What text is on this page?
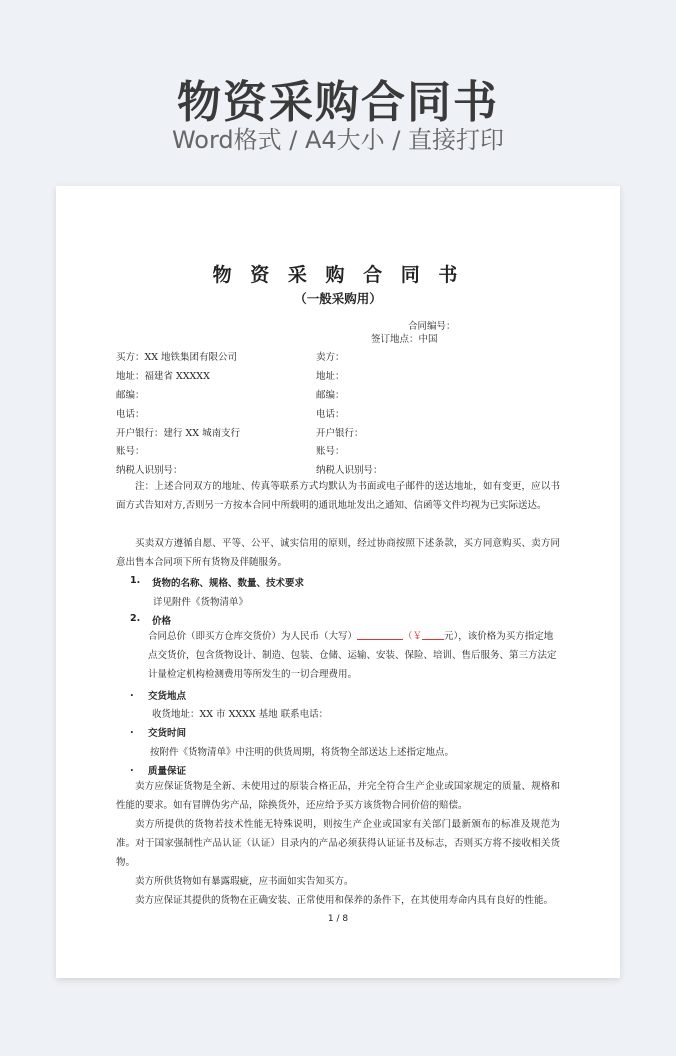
物资采购合同书
Word格式 / A4大小 / 直接打印
物 资 采 购 合 同 书
（一般采购用）
合同编号：
签订地点：中国
买方：XX 地铁集团有限公司	卖方：
地址：福建省 XXXXX	地址：
邮编：	邮编：
电话：	电话：
开户银行：建行 XX 城南支行	开户银行：
账号：	账号：
纳税人识别号：	纳税人识别号：
注：上述合同双方的地址、传真等联系方式均默认为书面或电子邮件的送达地址，如有变更，应以书面方式告知对方,否则另一方按本合同中所载明的通讯地址发出之通知、信函等文件均视为已实际送达。
买卖双方遵循自愿、平等、公平、诚实信用的原则，经过协商按照下述条款，买方同意购买、卖方同意出售本合同项下所有货物及伴随服务。
1. 货物的名称、规格、数量、技术要求
详见附件《货物清单》
2. 价格
合同总价（即买方仓库交货价）为人民币（大写）	（￥ 元），该价格为买方指定地点交货价，包含货物设计、制造、包装、仓储、运输、安装、保险、培训、售后服务、第三方法定计量检定机构检测费用等所发生的一切合理费用。
. 交货地点
收货地址：XX 市 XXXX 基地 联系电话：
. 交货时间
按附件《货物清单》中注明的供货周期，将货物全部送达上述指定地点。
. 质量保证
卖方应保证货物是全新、未使用过的原装合格正品，并完全符合生产企业或国家规定的质量、规格和性能的要求。如有冒牌伪劣产品，除换货外，还应给予买方该货物合同价倍的赔偿。
卖方所提供的货物若技术性能无特殊说明，则按生产企业或国家有关部门最新颁布的标准及规范为准。对于国家强制性产品认证（认证）目录内的产品必须获得认证证书及标志，否则买方将不接收相关货物。
卖方所供货物如有暴露瑕疵，应书面如实告知买方。
卖方应保证其提供的货物在正确安装、正常使用和保养的条件下，在其使用寿命内具有良好的性能。
1 / 8
